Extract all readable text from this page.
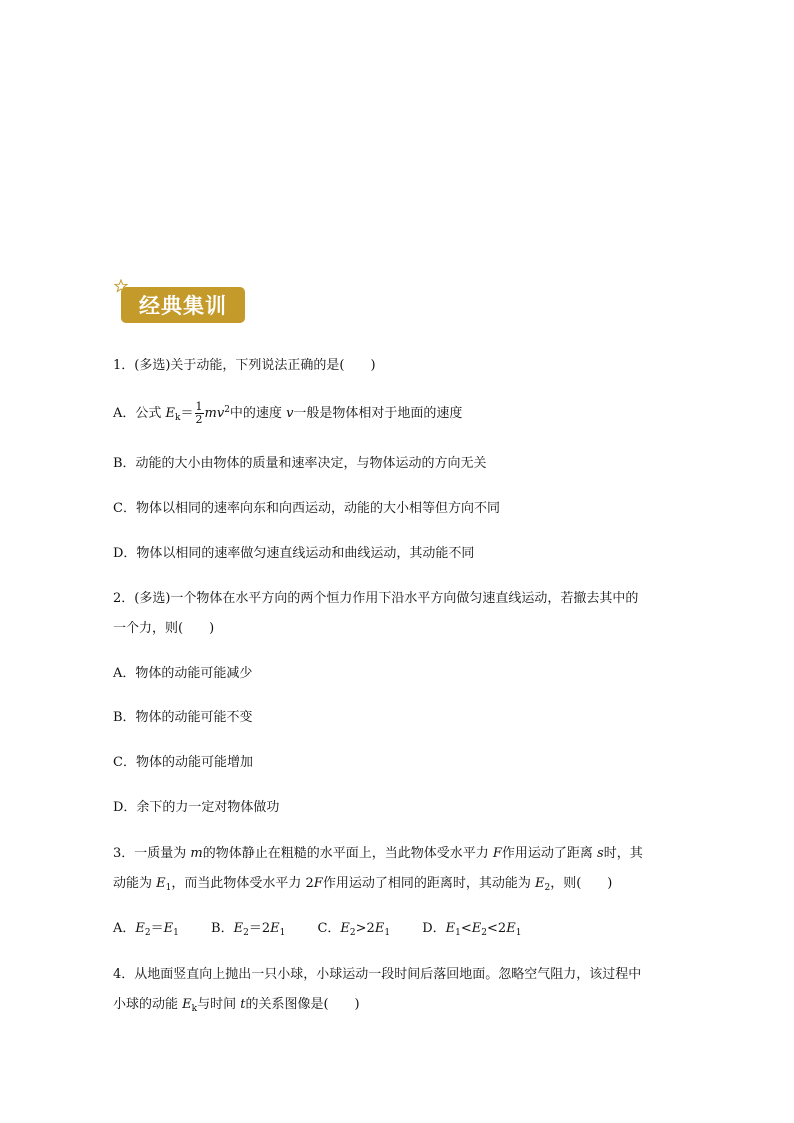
经典集训
1．(多选)关于动能，下列说法正确的是(　　)
A．公式 $E_k= \frac{1}{2} mv^2$中的速度 v一般是物体相对于地面的速度
B．动能的大小由物体的质量和速率决定，与物体运动的方向无关
C．物体以相同的速率向东和向西运动，动能的大小相等但方向不同
D．物体以相同的速率做匀速直线运动和曲线运动，其动能不同
2．(多选)一个物体在水平方向的两个恒力作用下沿水平方向做匀速直线运动，若撤去其中的
一个力，则(　　)
A．物体的动能可能减少
B．物体的动能可能不变
C．物体的动能可能增加
D．余下的力一定对物体做功
3．一质量为 m的物体静止在粗糙的水平面上，当此物体受水平力 F作用运动了距离 s时，其
动能为 $E_1$，而当此物体受水平力 2F作用运动了相同的距离时，其动能为 $E_2$，则(　　)
A．$E_2=E_1$ B．$E_2=2E_1$ C．$E_2>2E_1$ D．$E_1<E_2<2E_1$
4．从地面竖直向上抛出一只小球，小球运动一段时间后落回地面。忽略空气阻力，该过程中
小球的动能 $E_k$与时间 t的关系图像是(　　)
